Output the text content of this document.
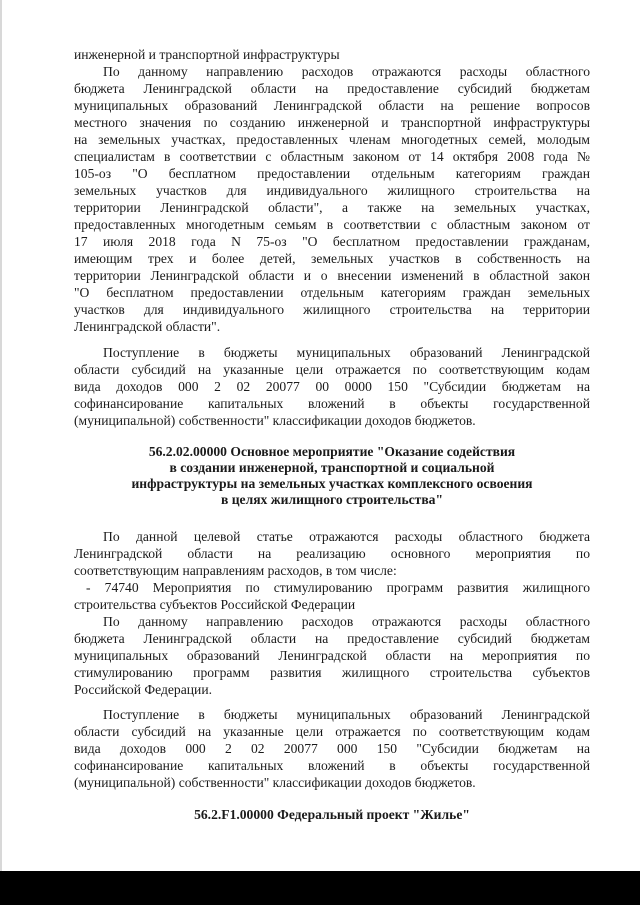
инженерной и транспортной инфраструктуры
По данному направлению расходов отражаются расходы областного
бюджета Ленинградской области на предоставление субсидий бюджетам
муниципальных образований Ленинградской области на решение вопросов
местного значения по созданию инженерной и транспортной инфраструктуры
на земельных участках, предоставленных членам многодетных семей, молодым
специалистам в соответствии с областным законом от 14 октября 2008 года №
105-оз "О бесплатном предоставлении отдельным категориям граждан
земельных участков для индивидуального жилищного строительства на
территории Ленинградской области", а также на земельных участках,
предоставленных многодетным семьям в соответствии с областным законом от
17 июля 2018 года N 75-оз "О бесплатном предоставлении гражданам,
имеющим трех и более детей, земельных участков в собственность на
территории Ленинградской области и о внесении изменений в областной закон
"О бесплатном предоставлении отдельным категориям граждан земельных
участков для индивидуального жилищного строительства на территории
Ленинградской области".
Поступление в бюджеты муниципальных образований Ленинградской
области субсидий на указанные цели отражается по соответствующим кодам
вида доходов 000 2 02 20077 00 0000 150 "Субсидии бюджетам на
софинансирование капитальных вложений в объекты государственной
(муниципальной) собственности" классификации доходов бюджетов.
56.2.02.00000 Основное мероприятие "Оказание содействия
в создании инженерной, транспортной и социальной
инфраструктуры на земельных участках комплексного освоения
в целях жилищного строительства"
По данной целевой статье отражаются расходы областного бюджета
Ленинградской области на реализацию основного мероприятия по
соответствующим направлениям расходов, в том числе:
- 74740 Мероприятия по стимулированию программ развития жилищного
строительства субъектов Российской Федерации
По данному направлению расходов отражаются расходы областного
бюджета Ленинградской области на предоставление субсидий бюджетам
муниципальных образований Ленинградской области на мероприятия по
стимулированию программ развития жилищного строительства субъектов
Российской Федерации.
Поступление в бюджеты муниципальных образований Ленинградской
области субсидий на указанные цели отражается по соответствующим кодам
вида доходов 000 2 02 20077 000 150 "Субсидии бюджетам на
софинансирование капитальных вложений в объекты государственной
(муниципальной) собственности" классификации доходов бюджетов.
56.2.F1.00000 Федеральный проект "Жилье"
